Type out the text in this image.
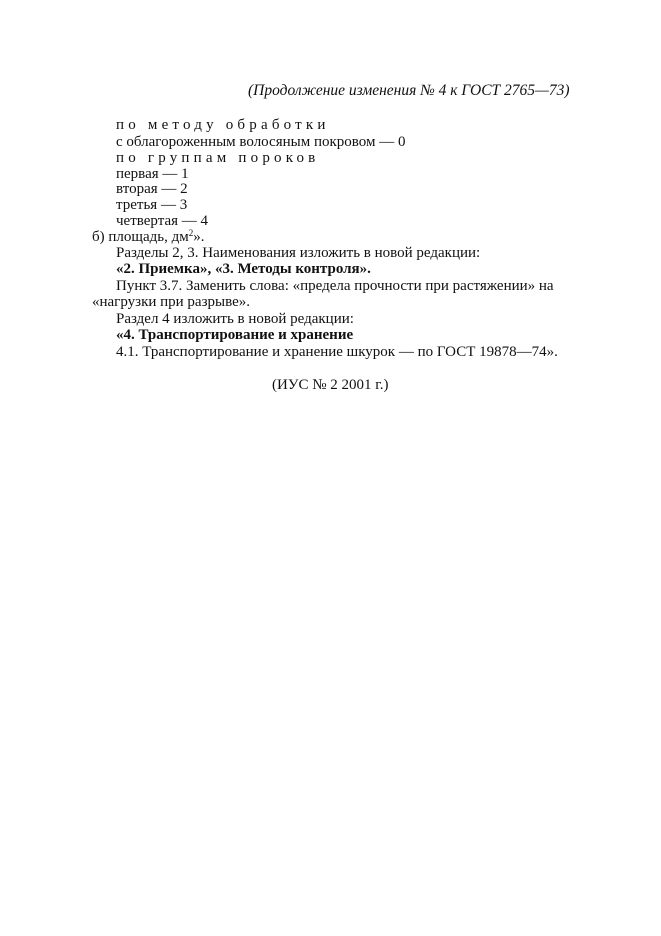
(Продолжение изменения № 4 к ГОСТ 2765—73)
по методу обработки
с облагороженным волосяным покровом — 0
по группам пороков
первая — 1
вторая — 2
третья — 3
четвертая — 4
б) площадь, $дм^2$».
Разделы 2, 3. Наименования изложить в новой редакции:
«2. Приемка», «3. Методы контроля».
Пункт 3.7. Заменить слова: «предела прочности при растяжении» на
«нагрузки при разрыве».
Раздел 4 изложить в новой редакции:
«4. Транспортирование и хранение
4.1. Транспортирование и хранение шкурок — по ГОСТ 19878—74».
(ИУС № 2 2001 г.)
